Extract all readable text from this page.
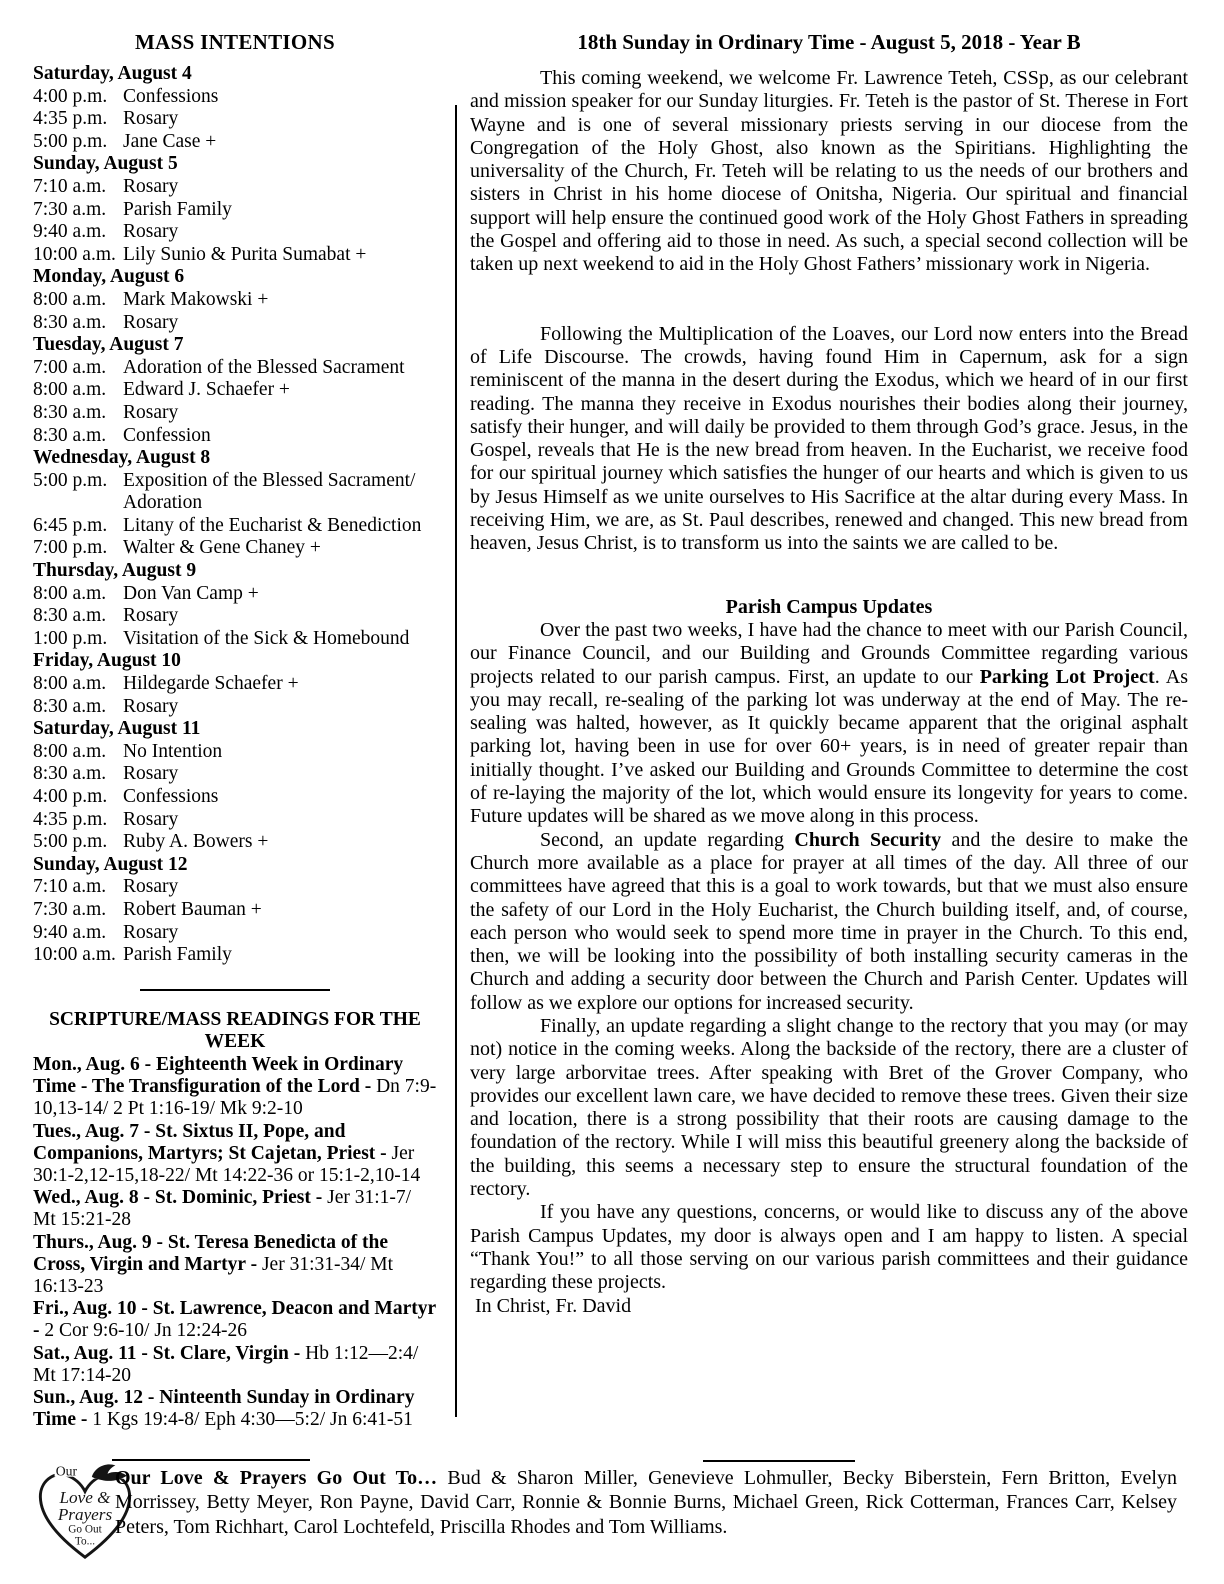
MASS INTENTIONS
Saturday, August 4
4:00 p.m. Confessions
4:35 p.m. Rosary
5:00 p.m. Jane Case +
Sunday, August 5
7:10 a.m. Rosary
7:30 a.m. Parish Family
9:40 a.m. Rosary
10:00 a.m. Lily Sunio & Purita Sumabat +
Monday, August 6
8:00 a.m. Mark Makowski +
8:30 a.m. Rosary
Tuesday, August 7
7:00 a.m. Adoration of the Blessed Sacrament
8:00 a.m. Edward J. Schaefer +
8:30 a.m. Rosary
8:30 a.m. Confession
Wednesday, August 8
5:00 p.m. Exposition of the Blessed Sacrament/
Adoration
6:45 p.m. Litany of the Eucharist & Benediction
7:00 p.m. Walter & Gene Chaney +
Thursday, August 9
8:00 a.m. Don Van Camp +
8:30 a.m. Rosary
1:00 p.m. Visitation of the Sick & Homebound
Friday, August 10
8:00 a.m. Hildegarde Schaefer +
8:30 a.m. Rosary
Saturday, August 11
8:00 a.m. No Intention
8:30 a.m. Rosary
4:00 p.m. Confessions
4:35 p.m. Rosary
5:00 p.m. Ruby A. Bowers +
Sunday, August 12
7:10 a.m. Rosary
7:30 a.m. Robert Bauman +
9:40 a.m. Rosary
10:00 a.m. Parish Family
SCRIPTURE/MASS READINGS FOR THE
WEEK

Mon., Aug. 6 - Eighteenth Week in Ordinary Time - The Transfiguration of the Lord - Dn 7:9-10,13-14/ 2 Pt 1:16-19/ Mk 9:2-10

Tues., Aug. 7 - St. Sixtus II, Pope, and Companions, Martyrs; St Cajetan, Priest - Jer 30:1-2,12-15,18-22/ Mt 14:22-36 or 15:1-2,10-14

Wed., Aug. 8 - St. Dominic, Priest - Jer 31:1-7/ Mt 15:21-28

Thurs., Aug. 9 - St. Teresa Benedicta of the Cross, Virgin and Martyr - Jer 31:31-34/ Mt 16:13-23

Fri., Aug. 10 - St. Lawrence, Deacon and Martyr - 2 Cor 9:6-10/ Jn 12:24-26

Sat., Aug. 11 - St. Clare, Virgin - Hb 1:12—2:4/ Mt 17:14-20

Sun., Aug. 12 - Ninteenth Sunday in Ordinary Time - 1 Kgs 19:4-8/ Eph 4:30—5:2/ Jn 6:41-51

18th Sunday in Ordinary Time - August 5, 2018 - Year B

This coming weekend, we welcome Fr. Lawrence Teteh, CSSp, as our celebrant and mission speaker for our Sunday liturgies. Fr. Teteh is the pastor of St. Therese in Fort Wayne and is one of several missionary priests serving in our diocese from the Congregation of the Holy Ghost, also known as the Spiritians. Highlighting the universality of the Church, Fr. Teteh will be relating to us the needs of our brothers and sisters in Christ in his home diocese of Onitsha, Nigeria. Our spiritual and financial support will help ensure the continued good work of the Holy Ghost Fathers in spreading the Gospel and offering aid to those in need. As such, a special second collection will be taken up next weekend to aid in the Holy Ghost Fathers’ missionary work in Nigeria.

Following the Multiplication of the Loaves, our Lord now enters into the Bread of Life Discourse. The crowds, having found Him in Capernum, ask for a sign reminiscent of the manna in the desert during the Exodus, which we heard of in our first reading. The manna they receive in Exodus nourishes their bodies along their journey, satisfy their hunger, and will daily be provided to them through God’s grace. Jesus, in the Gospel, reveals that He is the new bread from heaven. In the Eucharist, we receive food for our spiritual journey which satisfies the hunger of our hearts and which is given to us by Jesus Himself as we unite ourselves to His Sacrifice at the altar during every Mass. In receiving Him, we are, as St. Paul describes, renewed and changed. This new bread from heaven, Jesus Christ, is to transform us into the saints we are called to be.

Parish Campus Updates

Over the past two weeks, I have had the chance to meet with our Parish Council, our Finance Council, and our Building and Grounds Committee regarding various projects related to our parish campus. First, an update to our Parking Lot Project. As you may recall, re-sealing of the parking lot was underway at the end of May. The re-sealing was halted, however, as It quickly became apparent that the original asphalt parking lot, having been in use for over 60+ years, is in need of greater repair than initially thought. I’ve asked our Building and Grounds Committee to determine the cost of re-laying the majority of the lot, which would ensure its longevity for years to come. Future updates will be shared as we move along in this process.

Second, an update regarding Church Security and the desire to make the Church more available as a place for prayer at all times of the day. All three of our committees have agreed that this is a goal to work towards, but that we must also ensure the safety of our Lord in the Holy Eucharist, the Church building itself, and, of course, each person who would seek to spend more time in prayer in the Church. To this end, then, we will be looking into the possibility of both installing security cameras in the Church and adding a security door between the Church and Parish Center. Updates will follow as we explore our options for increased security.

Finally, an update regarding a slight change to the rectory that you may (or may not) notice in the coming weeks. Along the backside of the rectory, there are a cluster of very large arborvitae trees. After speaking with Bret of the Grover Company, who provides our excellent lawn care, we have decided to remove these trees. Given their size and location, there is a strong possibility that their roots are causing damage to the foundation of the rectory. While I will miss this beautiful greenery along the backside of the building, this seems a necessary step to ensure the structural foundation of the rectory.

If you have any questions, concerns, or would like to discuss any of the above Parish Campus Updates, my door is always open and I am happy to listen. A special “Thank You!” to all those serving on our various parish committees and their guidance regarding these projects.

In Christ, Fr. David

Our
Love &
Prayers
Go Out
To...

Our Love & Prayers Go Out To… Bud & Sharon Miller, Genevieve Lohmuller, Becky Biberstein, Fern Britton, Evelyn Morrissey, Betty Meyer, Ron Payne, David Carr, Ronnie & Bonnie Burns, Michael Green, Rick Cotterman, Frances Carr, Kelsey Peters, Tom Richhart, Carol Lochtefeld, Priscilla Rhodes and Tom Williams.
